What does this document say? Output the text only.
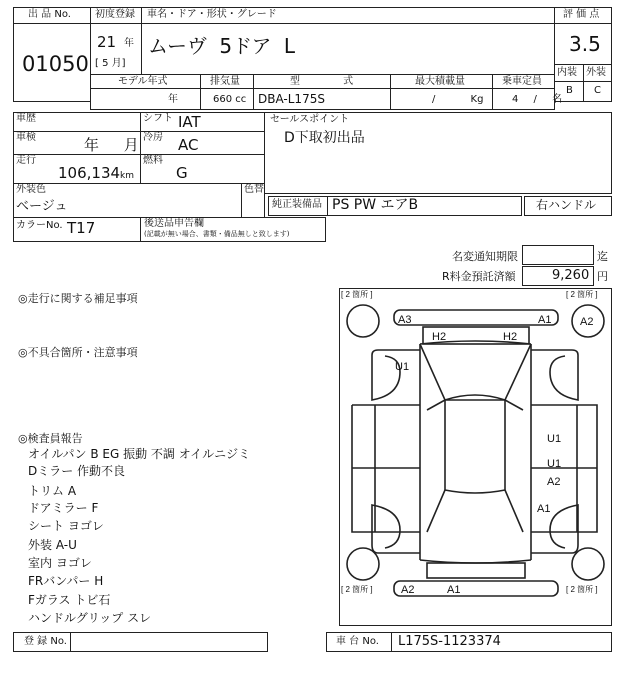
出 品 No.
01050
初度登録
21 年
[ 5 月]
車名・ドア・形状・グレード
ムーヴ 5ドア L
評 価 点
3.5
内装 外装
B C
モデル年式
年
排気量
660 cc
型 式
DBA-L175S
最大積載量
/ Kg
乗車定員
4 / 名
車歴	シフト IAT
車検	年 月 冷房 AC
走行
106,134 km
燃料
G
セールスポイント
D下取初出品
外装色
ベージュ
色替
純正装備品 PS PW エアB	右ハンドル
カラーNo. T17	後送品申告欄
(記載が無い場合、書類・備品無しと致します)
名変通知期限	迄
R料金預託済額	9,260 円
◎走行に関する補足事項
◎不具合箇所・注意事項
◎検査員報告
オイルパン B EG 振動 不調 オイルニジミ
Dミラー 作動不良
トリム A
ドアミラー F
シート ヨゴレ
外装 A-U
室内 ヨゴレ
FRバンパー H
Fガラス トビ石
ハンドルグリップ スレ
[ 2 箇所 ]	[ 2 箇所 ]
[ 2 箇所 ]	[ 2 箇所 ]
A3	A1	A2
H2	H2
U1
U1
U1
A2
A1
A2	A1
登 録 No.	車 台 No. L175S-1123374
